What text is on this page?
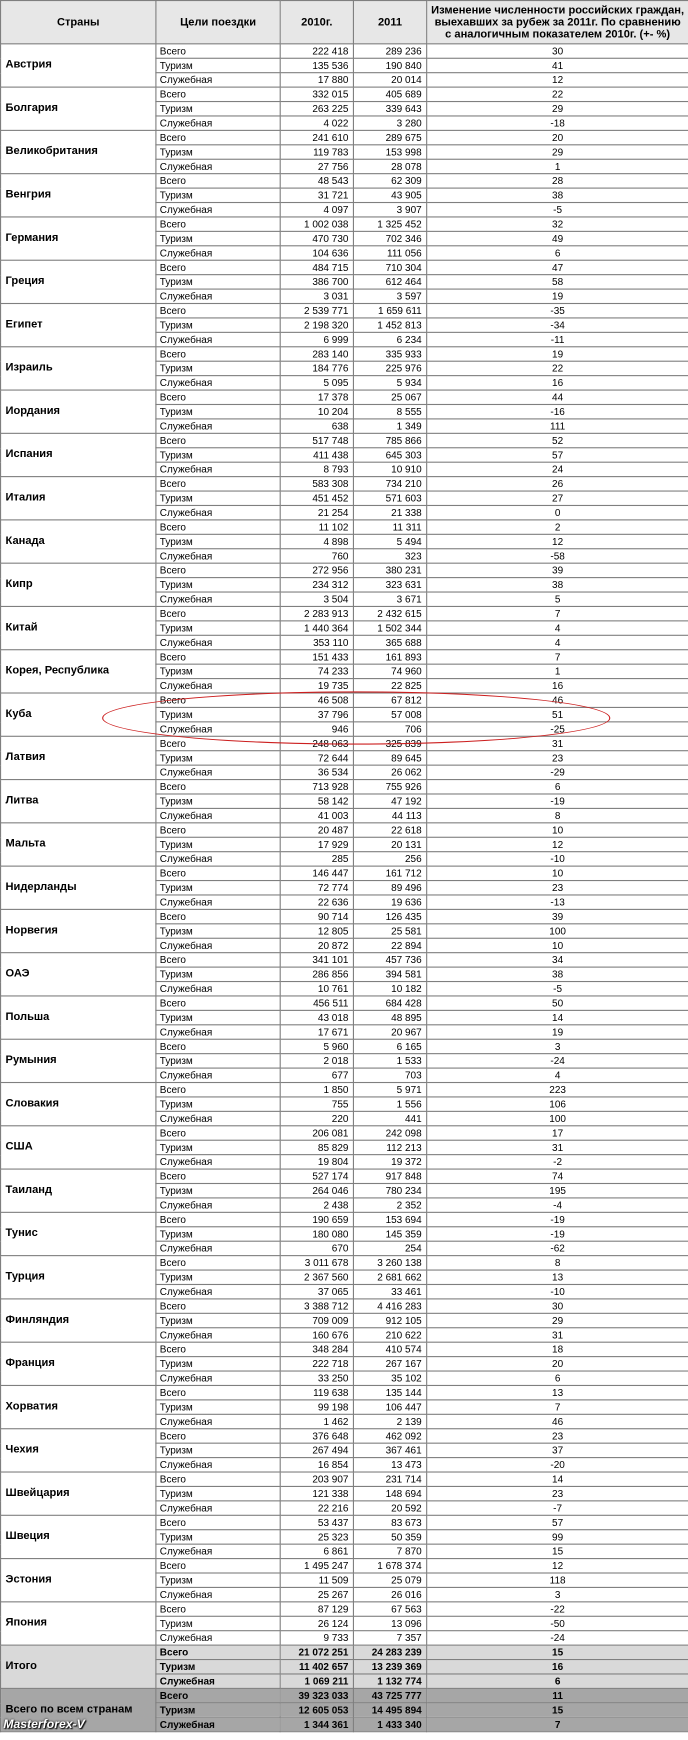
Страны	Цели поездки	2010г.	2011	Изменение численности российских граждан, выехавших за рубеж за 2011г. По сравнению с аналогичным показателем 2010г. (+- %)
Австрия	Всего	222 418	289 236	30
	Туризм	135 536	190 840	41
	Служебная	17 880	20 014	12
Болгария	Всего	332 015	405 689	22
	Туризм	263 225	339 643	29
	Служебная	4 022	3 280	-18
Великобритания	Всего	241 610	289 675	20
	Туризм	119 783	153 998	29
	Служебная	27 756	28 078	1
Венгрия	Всего	48 543	62 309	28
	Туризм	31 721	43 905	38
	Служебная	4 097	3 907	-5
Германия	Всего	1 002 038	1 325 452	32
	Туризм	470 730	702 346	49
	Служебная	104 636	111 056	6
Греция	Всего	484 715	710 304	47
	Туризм	386 700	612 464	58
	Служебная	3 031	3 597	19
Египет	Всего	2 539 771	1 659 611	-35
	Туризм	2 198 320	1 452 813	-34
	Служебная	6 999	6 234	-11
Израиль	Всего	283 140	335 933	19
	Туризм	184 776	225 976	22
	Служебная	5 095	5 934	16
Иордания	Всего	17 378	25 067	44
	Туризм	10 204	8 555	-16
	Служебная	638	1 349	111
Испания	Всего	517 748	785 866	52
	Туризм	411 438	645 303	57
	Служебная	8 793	10 910	24
Италия	Всего	583 308	734 210	26
	Туризм	451 452	571 603	27
	Служебная	21 254	21 338	0
Канада	Всего	11 102	11 311	2
	Туризм	4 898	5 494	12
	Служебная	760	323	-58
Кипр	Всего	272 956	380 231	39
	Туризм	234 312	323 631	38
	Служебная	3 504	3 671	5
Китай	Всего	2 283 913	2 432 615	7
	Туризм	1 440 364	1 502 344	4
	Служебная	353 110	365 688	4
Корея, Республика	Всего	151 433	161 893	7
	Туризм	74 233	74 960	1
	Служебная	19 735	22 825	16
Куба	Всего	46 508	67 812	46
	Туризм	37 796	57 008	51
	Служебная	946	706	-25
Латвия	Всего	248 063	325 839	31
	Туризм	72 644	89 645	23
	Служебная	36 534	26 062	-29
Литва	Всего	713 928	755 926	6
	Туризм	58 142	47 192	-19
	Служебная	41 003	44 113	8
Мальта	Всего	20 487	22 618	10
	Туризм	17 929	20 131	12
	Служебная	285	256	-10
Нидерланды	Всего	146 447	161 712	10
	Туризм	72 774	89 496	23
	Служебная	22 636	19 636	-13
Норвегия	Всего	90 714	126 435	39
	Туризм	12 805	25 581	100
	Служебная	20 872	22 894	10
ОАЭ	Всего	341 101	457 736	34
	Туризм	286 856	394 581	38
	Служебная	10 761	10 182	-5
Польша	Всего	456 511	684 428	50
	Туризм	43 018	48 895	14
	Служебная	17 671	20 967	19
Румыния	Всего	5 960	6 165	3
	Туризм	2 018	1 533	-24
	Служебная	677	703	4
Словакия	Всего	1 850	5 971	223
	Туризм	755	1 556	106
	Служебная	220	441	100
США	Всего	206 081	242 098	17
	Туризм	85 829	112 213	31
	Служебная	19 804	19 372	-2
Таиланд	Всего	527 174	917 848	74
	Туризм	264 046	780 234	195
	Служебная	2 438	2 352	-4
Тунис	Всего	190 659	153 694	-19
	Туризм	180 080	145 359	-19
	Служебная	670	254	-62
Турция	Всего	3 011 678	3 260 138	8
	Туризм	2 367 560	2 681 662	13
	Служебная	37 065	33 461	-10
Финляндия	Всего	3 388 712	4 416 283	30
	Туризм	709 009	912 105	29
	Служебная	160 676	210 622	31
Франция	Всего	348 284	410 574	18
	Туризм	222 718	267 167	20
	Служебная	33 250	35 102	6
Хорватия	Всего	119 638	135 144	13
	Туризм	99 198	106 447	7
	Служебная	1 462	2 139	46
Чехия	Всего	376 648	462 092	23
	Туризм	267 494	367 461	37
	Служебная	16 854	13 473	-20
Швейцария	Всего	203 907	231 714	14
	Туризм	121 338	148 694	23
	Служебная	22 216	20 592	-7
Швеция	Всего	53 437	83 673	57
	Туризм	25 323	50 359	99
	Служебная	6 861	7 870	15
Эстония	Всего	1 495 247	1 678 374	12
	Туризм	11 509	25 079	118
	Служебная	25 267	26 016	3
Япония	Всего	87 129	67 563	-22
	Туризм	26 124	13 096	-50
	Служебная	9 733	7 357	-24
Итого	Всего	21 072 251	24 283 239	15
	Туризм	11 402 657	13 239 369	16
	Служебная	1 069 211	1 132 774	6
Всего по всем странам	Всего	39 323 033	43 725 777	11
	Туризм	12 605 053	14 495 894	15
	Служебная	1 344 361	1 433 340	7
Masterforex-V
